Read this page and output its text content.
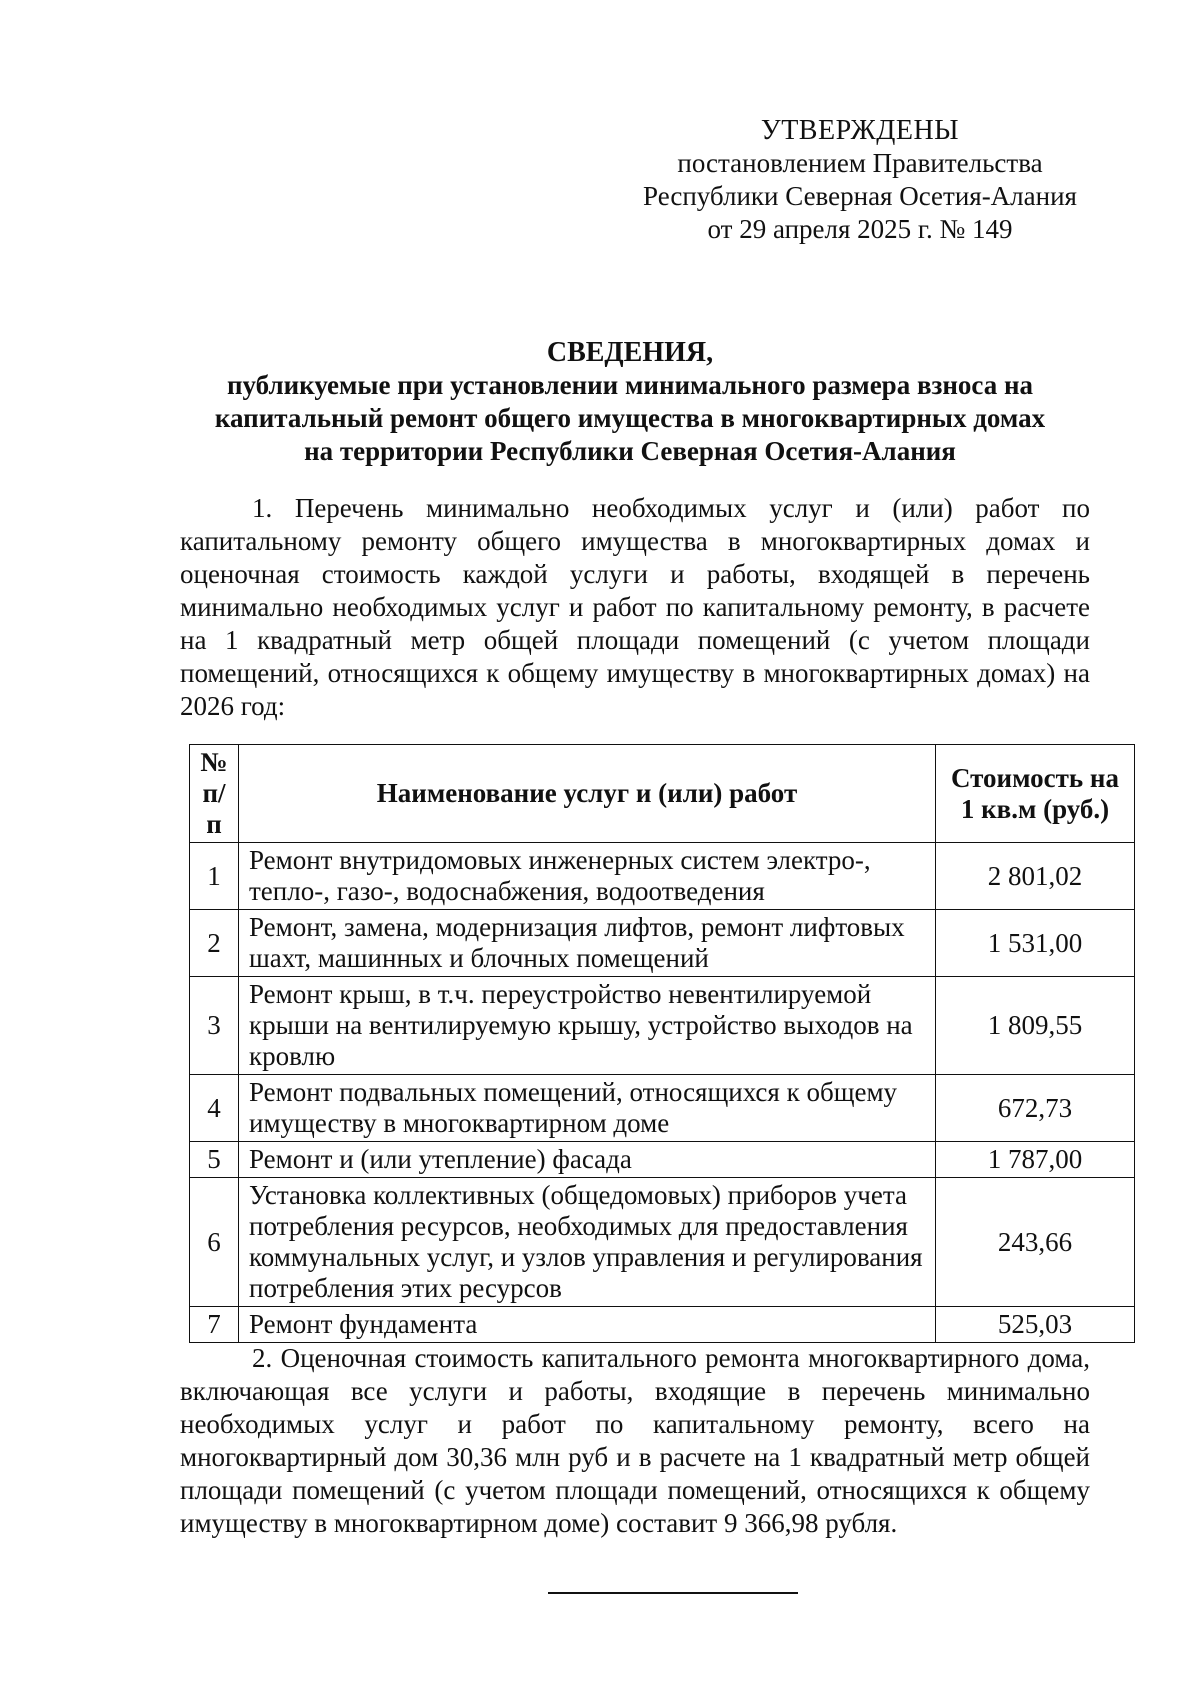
УТВЕРЖДЕНЫ
постановлением Правительства
Республики Северная Осетия-Алания
от 29 апреля 2025 г. № 149
СВЕДЕНИЯ,
публикуемые при установлении минимального размера взноса на
капитальный ремонт общего имущества в многоквартирных домах
на территории Республики Северная Осетия-Алания
1. Перечень минимально необходимых услуг и (или) работ по капитальному ремонту общего имущества в многоквартирных домах и оценочная стоимость каждой услуги и работы, входящей в перечень минимально необходимых услуг и работ по капитальному ремонту, в расчете на 1 квадратный метр общей площади помещений (с учетом площади помещений, относящихся к общему имуществу в многоквартирных домах) на 2026 год:
№ п/п	Наименование услуг и (или) работ	Стоимость на 1 кв.м (руб.)
1	Ремонт внутридомовых инженерных систем электро-, тепло-, газо-, водоснабжения, водоотведения	2 801,02
2	Ремонт, замена, модернизация лифтов, ремонт лифтовых шахт, машинных и блочных помещений	1 531,00
3	Ремонт крыш, в т.ч. переустройство невентилируемой крыши на вентилируемую крышу, устройство выходов на кровлю	1 809,55
4	Ремонт подвальных помещений, относящихся к общему имуществу в многоквартирном доме	672,73
5	Ремонт и (или утепление) фасада	1 787,00
6	Установка коллективных (общедомовых) приборов учета потребления ресурсов, необходимых для предоставления коммунальных услуг, и узлов управления и регулирования потребления этих ресурсов	243,66
7	Ремонт фундамента	525,03
2. Оценочная стоимость капитального ремонта многоквартирного дома, включающая все услуги и работы, входящие в перечень минимально необходимых услуг и работ по капитальному ремонту, всего на многоквартирный дом 30,36 млн руб и в расчете на 1 квадратный метр общей площади помещений (с учетом площади помещений, относящихся к общему имуществу в многоквартирном доме) составит 9 366,98 рубля.
